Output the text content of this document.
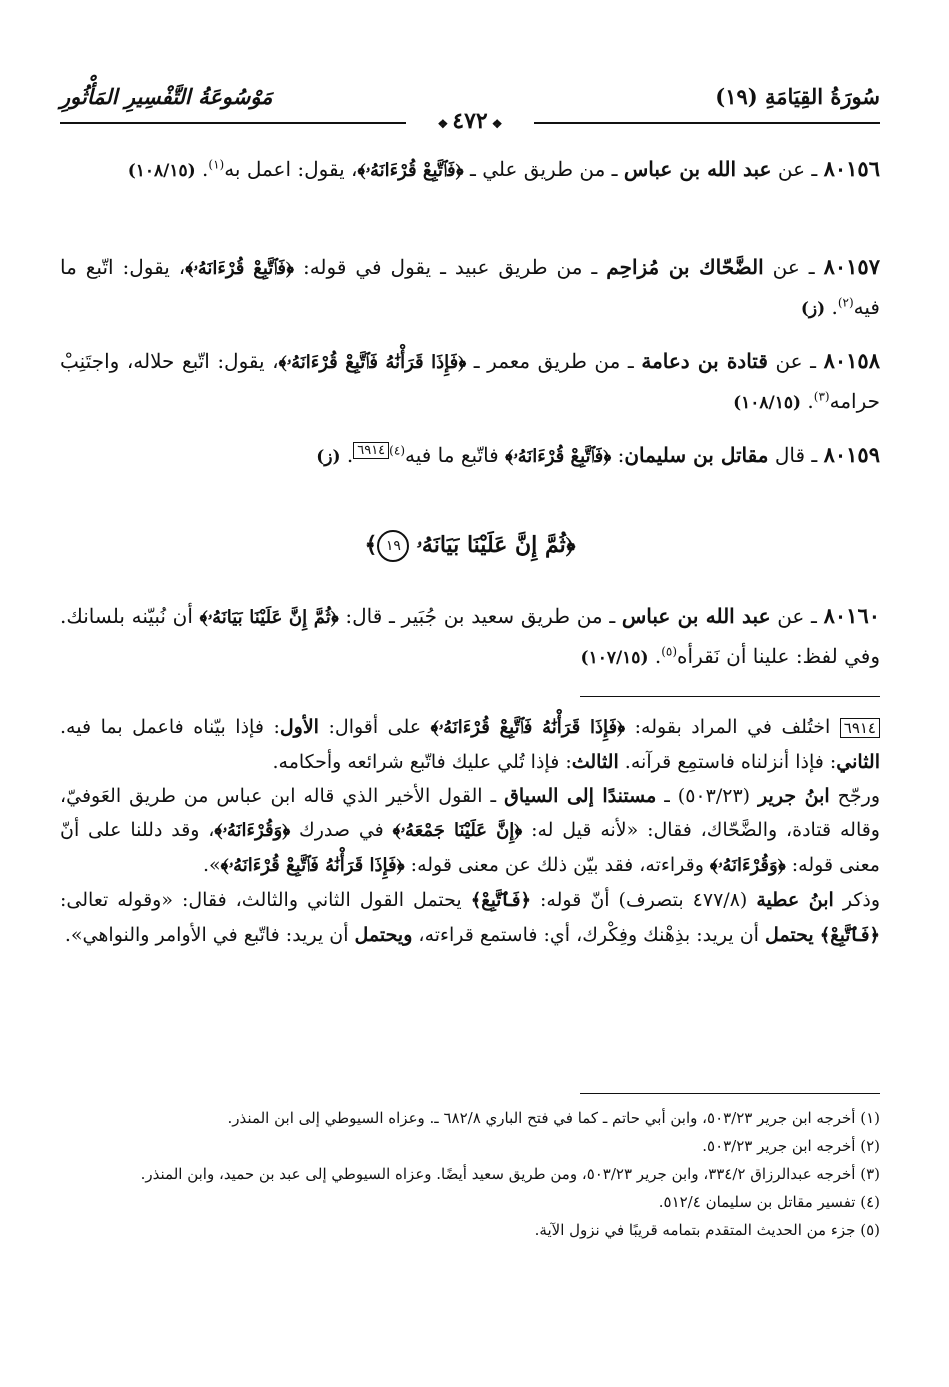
سُورَةُ القِيَامَةِ (١٩)
مَوْسُوعَةُ التَّفْسِيرِ المَأْثُورِ
❖٤٧٢❖
٨٠١٥٦ ـ عن عبد الله بن عباس ـ من طريق علي ـ ﴿فَٱتَّبِعْ قُرْءَانَهُۥ﴾، يقول: اعمل به$^{(١)}$. (١٠٨/١٥)
٨٠١٥٧ ـ عن الضَّحّاك بن مُزاحِم ـ من طريق عبيد ـ يقول في قوله: ﴿فَٱتَّبِعْ قُرْءَانَهُۥ﴾، يقول: اتّبع ما فيه$^{(٢)}$. (ز)
٨٠١٥٨ ـ عن قتادة بن دعامة ـ من طريق معمر ـ ﴿فَإِذَا قَرَأْنَٰهُ فَٱتَّبِعْ قُرْءَانَهُۥ﴾، يقول: اتّبع حلاله، واجتَنِبْ حرامه$^{(٣)}$. (١٠٨/١٥)
٨٠١٥٩ ـ قال مقاتل بن سليمان: ﴿فَٱتَّبِعْ قُرْءَانَهُۥ﴾ فاتّبع ما فيه$^{(٤)}$٦٩١٤. (ز)
﴿ثُمَّ إِنَّ عَلَيْنَا بَيَانَهُۥ ١٩﴾
٨٠١٦٠ ـ عن عبد الله بن عباس ـ من طريق سعيد بن جُبَير ـ قال: ﴿ثُمَّ إِنَّ عَلَيْنَا بَيَانَهُۥ﴾ أن نُبيّنه بلسانك. وفي لفظ: علينا أن نَقرأه$^{(٥)}$. (١٠٧/١٥)

٦٩١٤ اختُلف في المراد بقوله: ﴿فَإِذَا قَرَأْنَٰهُ فَٱتَّبِعْ قُرْءَانَهُۥ﴾ على أقوال: الأول: فإذا بيّناه فاعمل بما فيه. الثاني: فإذا أنزلناه فاستمِع قرآنه. الثالث: فإذا تُلي عليك فاتّبع شرائعه وأحكامه.

ورجّح ابنُ جرير (٥٠٣/٢٣) ـ مستندًا إلى السياق ـ القول الأخير الذي قاله ابن عباس من طريق العَوفيّ، وقاله قتادة، والضَّحّاك، فقال: «لأنه قيل له: ﴿إِنَّ عَلَيْنَا جَمْعَهُۥ﴾ في صدرك ﴿وَقُرْءَانَهُۥ﴾، وقد دللنا على أنّ معنى قوله: ﴿وَقُرْءَانَهُۥ﴾ وقراءته، فقد بيّن ذلك عن معنى قوله: ﴿فَإِذَا قَرَأْنَٰهُ فَٱتَّبِعْ قُرْءَانَهُۥ﴾».

وذكر ابنُ عطية (٤٧٧/٨ بتصرف) أنّ قوله: ﴿فَٱتَّبِعْ﴾ يحتمل القول الثاني والثالث، فقال: «وقوله تعالى: ﴿فَٱتَّبِعْ﴾ يحتمل أن يريد: بذِهْنك وفِكْرك، أي: فاستمع قراءته، ويحتمل أن يريد: فاتّبع في الأوامر والنواهي».

(١) أخرجه ابن جرير ٥٠٣/٢٣، وابن أبي حاتم ـ كما في فتح الباري ٦٨٢/٨ ـ. وعزاه السيوطي إلى ابن المنذر.

(٢) أخرجه ابن جرير ٥٠٣/٢٣.

(٣) أخرجه عبدالرزاق ٣٣٤/٢، وابن جرير ٥٠٣/٢٣، ومن طريق سعيد أيضًا. وعزاه السيوطي إلى عبد بن حميد، وابن المنذر.

(٤) تفسير مقاتل بن سليمان ٥١٢/٤.

(٥) جزء من الحديث المتقدم بتمامه قريبًا في نزول الآية.
